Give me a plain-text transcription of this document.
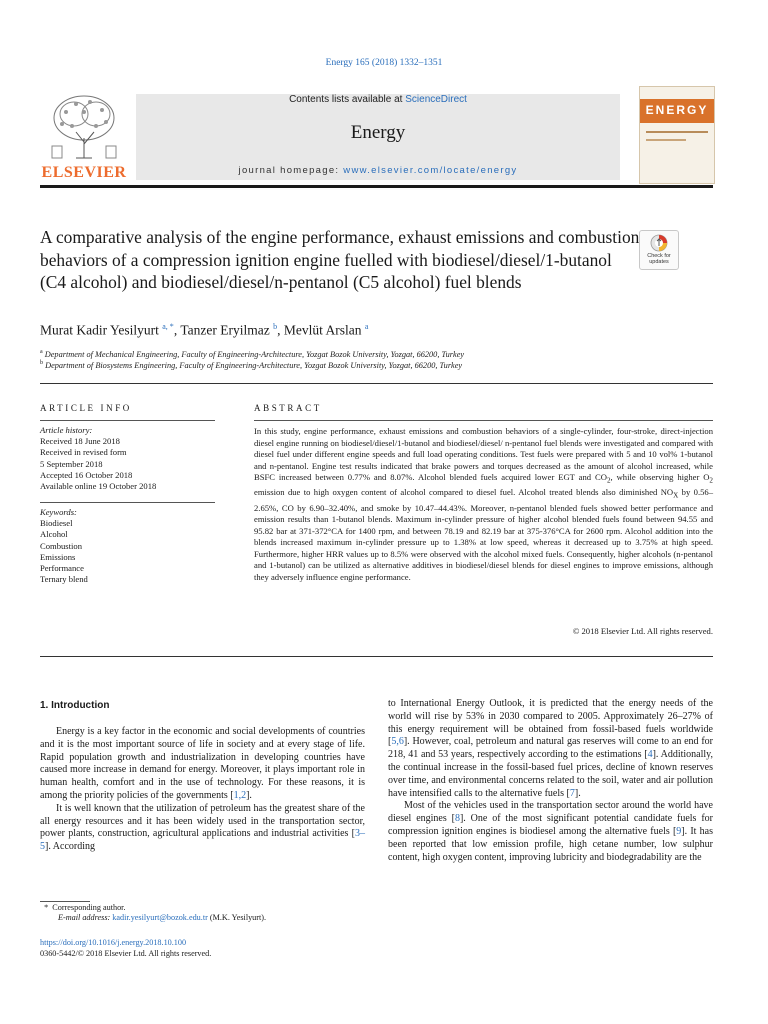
Energy 165 (2018) 1332–1351
ELSEVIER
Contents lists available at ScienceDirect
Energy
journal homepage: www.elsevier.com/locate/energy
ENERGY
A comparative analysis of the engine performance, exhaust emissions and combustion behaviors of a compression ignition engine fuelled with biodiesel/diesel/1-butanol (C4 alcohol) and biodiesel/diesel/n-pentanol (C5 alcohol) fuel blends
Check for
updates
Murat Kadir Yesilyurt $^{a, *}$, Tanzer Eryilmaz $^b$, Mevlüt Arslan $^a$
$^a$ Department of Mechanical Engineering, Faculty of Engineering-Architecture, Yozgat Bozok University, Yozgat, 66200, Turkey
$^b$ Department of Biosystems Engineering, Faculty of Engineering-Architecture, Yozgat Bozok University, Yozgat, 66200, Turkey
ARTICLE INFO
Article history:
Received 18 June 2018
Received in revised form
5 September 2018
Accepted 16 October 2018
Available online 19 October 2018
Keywords:
Biodiesel
Alcohol
Combustion
Emissions
Performance
Ternary blend
ABSTRACT
In this study, engine performance, exhaust emissions and combustion behaviors of a single-cylinder, four-stroke, direct-injection diesel engine running on biodiesel/diesel/1-butanol and biodiesel/diesel/ n-pentanol fuel blends were investigated and compared with diesel fuel under different engine speeds and full load operating conditions. Test fuels were prepared with 5 and 10 vol% 1-butanol and n-pentanol. Engine test results indicated that brake powers and torques decreased as the amount of alcohol increased, while BSFC increased between 0.77% and 8.07%. Alcohol blended fuels acquired lower EGT and $CO_2$, while observing higher $O_2$ emission due to high oxygen content of alcohol compared to diesel fuel. Alcohol treated blends also diminished $NO_X$ by 0.56–2.65%, CO by 6.90–32.40%, and smoke by 10.47–44.43%. Moreover, n-pentanol blended fuels showed better performance and emission results than 1-butanol blends. Maximum in-cylinder pressure of higher alcohol blended fuels found between 94.55 and 95.82 bar at 371-372°CA for 1400 rpm, and between 78.19 and 82.19 bar at 375-376°CA for 2600 rpm. Alcohol addition into the blends increased maximum in-cylinder pressure up to 1.38% at low speed, whereas it decreased up to 3.75% at high speed. Furthermore, higher HRR values up to 8.5% were observed with the alcohol mixed fuels. Consequently, higher alcohols (n-pentanol and 1-butanol) can be utilized as alternative additives in biodiesel/diesel blends for diesel engines to improve emissions, although they adversely influence engine performance.
© 2018 Elsevier Ltd. All rights reserved.
1. Introduction

Energy is a key factor in the economic and social developments of countries and it is the most important source of life in society and at every stage of life. Rapid population growth and industrialization in developing countries have caused more increase in demand for energy. Moreover, it plays important role in human health, comfort and in the use of technology. For these reasons, it is among the priority policies of the governments [1,2].

It is well known that the utilization of petroleum has the greatest share of the all energy resources and it has been widely used in the transportation sector, power plants, construction, agricultural applications and industrial activities [3–5]. According

to International Energy Outlook, it is predicted that the energy needs of the world will rise by 53% in 2030 compared to 2005. Approximately 26–27% of this energy requirement will be obtained from fossil-based fuels worldwide [5,6]. However, coal, petroleum and natural gas reserves will come to an end for 218, 41 and 53 years, respectively according to the estimations [4]. Additionally, the continual increase in the fossil-based fuel prices, decline of known reserves over time, and environmental concerns related to the soil, water and air pollution have intensified calls to the alternative fuels [7].

Most of the vehicles used in the transportation sector around the world have diesel engines [8]. One of the most significant potential candidate fuels for compression ignition engines is biodiesel among the alternative fuels [9]. It has been reported that low emission profile, high cetane number, low sulphur content, high oxygen content, improving lubricity and biodegradability are the

*  Corresponding author.
E-mail address: kadir.yesilyurt@bozok.edu.tr (M.K. Yesilyurt).
https://doi.org/10.1016/j.energy.2018.10.100
0360-5442/© 2018 Elsevier Ltd. All rights reserved.
